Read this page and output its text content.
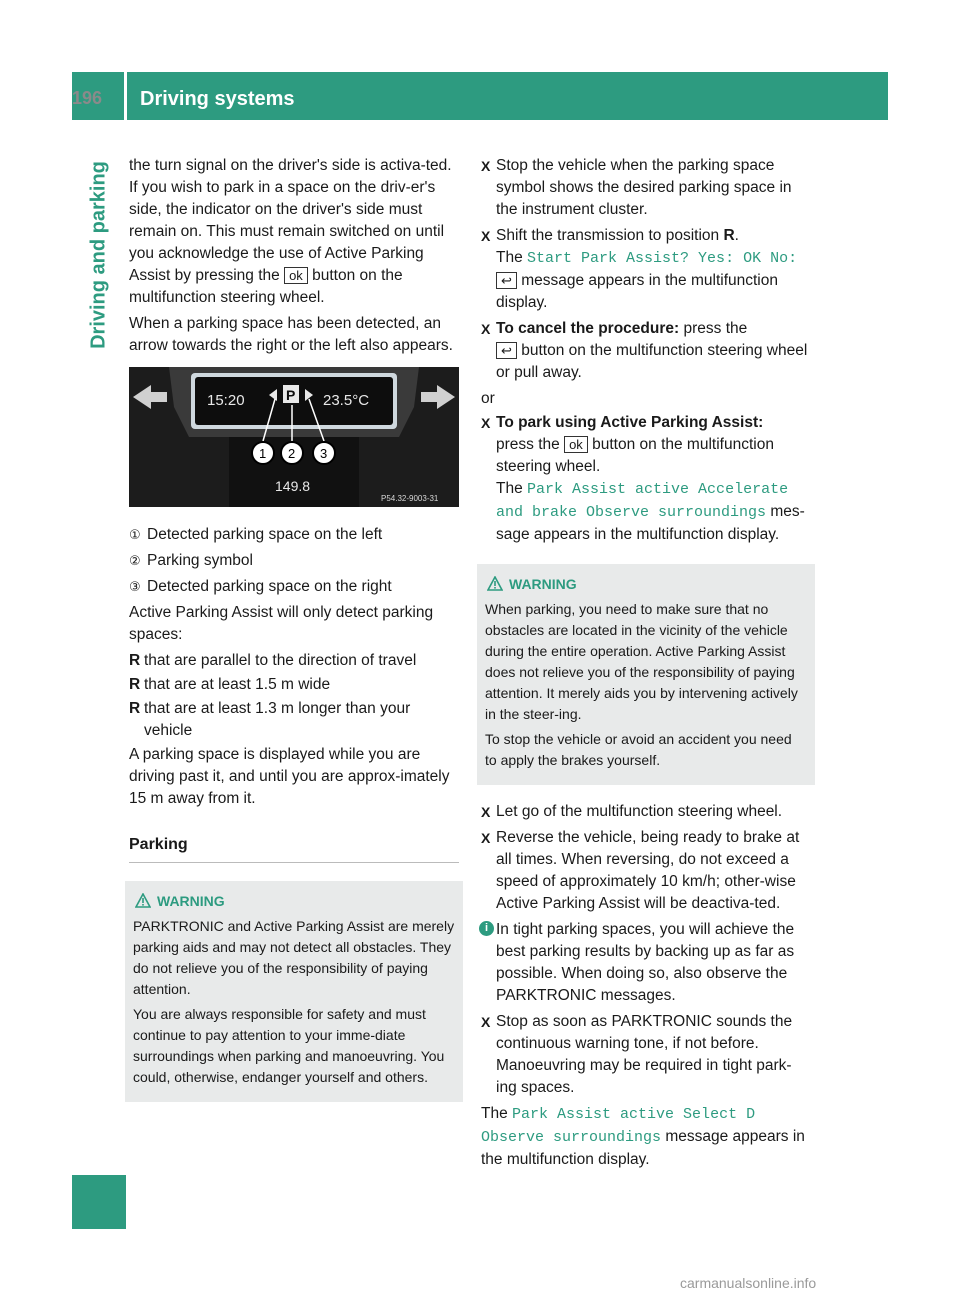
196 Driving systems
Driving and parking the turn signal on the driver's side is activa-ted. If you wish to park in a space on the driv-er's side, the indicator on the driver's side must remain on. This must remain switched on until you acknowledge the use of Active Parking Assist by pressing the ok button on the multifunction steering wheel.

When a parking space has been detected, an arrow towards the right or the left also appears.

15:20	P 23.5°C
1 2 3
149.8
P54.32-9003-31
① Detected parking space on the left
② Parking symbol
③ Detected parking space on the right

Active Parking Assist will only detect parking spaces:

R that are parallel to the direction of travel
R that are at least 1.5 m wide
R that are at least 1.3 m longer than your vehicle

A parking space is displayed while you are driving past it, and until you are approx-imately 15 m away from it.

Parking
WARNING

PARKTRONIC and Active Parking Assist are merely parking aids and may not detect all obstacles. They do not relieve you of the responsibility of paying attention.

You are always responsible for safety and must continue to pay attention to your imme-diate surroundings when parking and manoeuvring. You could, otherwise, endanger yourself and others.

X Stop the vehicle when the parking space symbol shows the desired parking space in the instrument cluster.
X Shift the transmission to position R.
The Start Park Assist? Yes: OK No:
↩ message appears in the multifunction display.
X To cancel the procedure: press the
↩ button on the multifunction steering wheel or pull away.

or

X To park using Active Parking Assist:
press the ok button on the multifunction steering wheel.
The Park Assist active Accelerate and brake Observe surroundings mes-sage appears in the multifunction display.
WARNING

When parking, you need to make sure that no obstacles are located in the vicinity of the vehicle during the entire operation. Active Parking Assist does not relieve you of the responsibility of paying attention. It merely aids you by intervening actively in the steer-ing.

To stop the vehicle or avoid an accident you need to apply the brakes yourself.

X Let go of the multifunction steering wheel.
X Reverse the vehicle, being ready to brake at all times. When reversing, do not exceed a speed of approximately 10 km/h; other-wise Active Parking Assist will be deactiva-ted.
i In tight parking spaces, you will achieve the best parking results by backing up as far as possible. When doing so, also observe the PARKTRONIC messages.
X Stop as soon as PARKTRONIC sounds the continuous warning tone, if not before. Manoeuvring may be required in tight park-ing spaces.

The Park Assist active Select D Observe surroundings message appears in the multifunction display.

carmanualsonline.info
